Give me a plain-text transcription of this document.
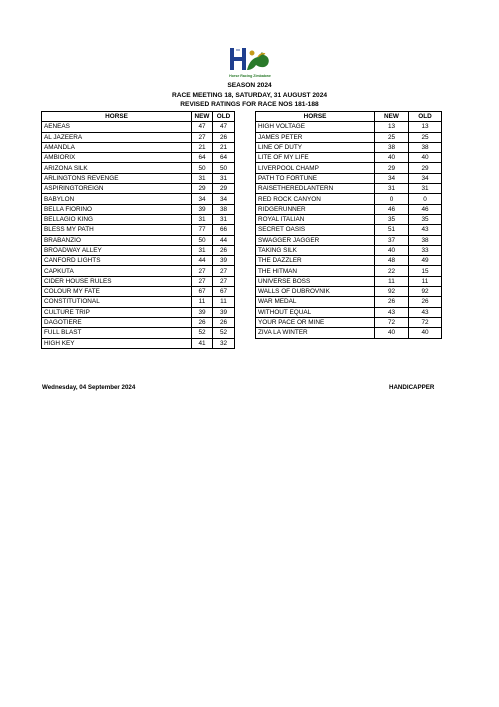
Horse Racing Zimbabwe
SEASON 2024
RACE MEETING 18, SATURDAY, 31 AUGUST 2024
REVISED RATINGS FOR RACE NOS 181-188
HORSE	NEW	OLD
AENEAS	47	47
AL JAZEERA	27	26
AMANDLA	21	21
AMBIORIX	64	64
ARIZONA SILK	50	50
ARLINGTONS REVENGE	31	31
ASPIRINGTOREIGN	29	29
BABYLON	34	34
BELLA FIORINO	39	38
BELLAGIO KING	31	31
BLESS MY PATH	77	66
BRABANZIO	50	44
BROADWAY ALLEY	31	26
CANFORD LIGHTS	44	39
CAPKUTA	27	27
CIDER HOUSE RULES	27	27
COLOUR MY FATE	67	67
CONSTITUTIONAL	11	11
CULTURE TRIP	39	39
DAGOTIERE	26	26
FULL BLAST	52	52
HIGH KEY	41	32
HORSE	NEW	OLD
HIGH VOLTAGE	13	13
JAMES PETER	25	25
LINE OF DUTY	38	38
LITE OF MY LIFE	40	40
LIVERPOOL CHAMP	29	29
PATH TO FORTUNE	34	34
RAISETHEREDLANTERN	31	31
RED ROCK CANYON	0	0
RIDGERUNNER	46	46
ROYAL ITALIAN	35	35
SECRET OASIS	51	43
SWAGGER JAGGER	37	38
TAKING SILK	40	33
THE DAZZLER	48	49
THE HITMAN	22	15
UNIVERSE BOSS	11	11
WALLS OF DUBROVNIK	92	92
WAR MEDAL	26	26
WITHOUT EQUAL	43	43
YOUR PACE OR MINE	72	72
ZIVA LA WINTER	40	40
Wednesday, 04 September 2024	HANDICAPPER
